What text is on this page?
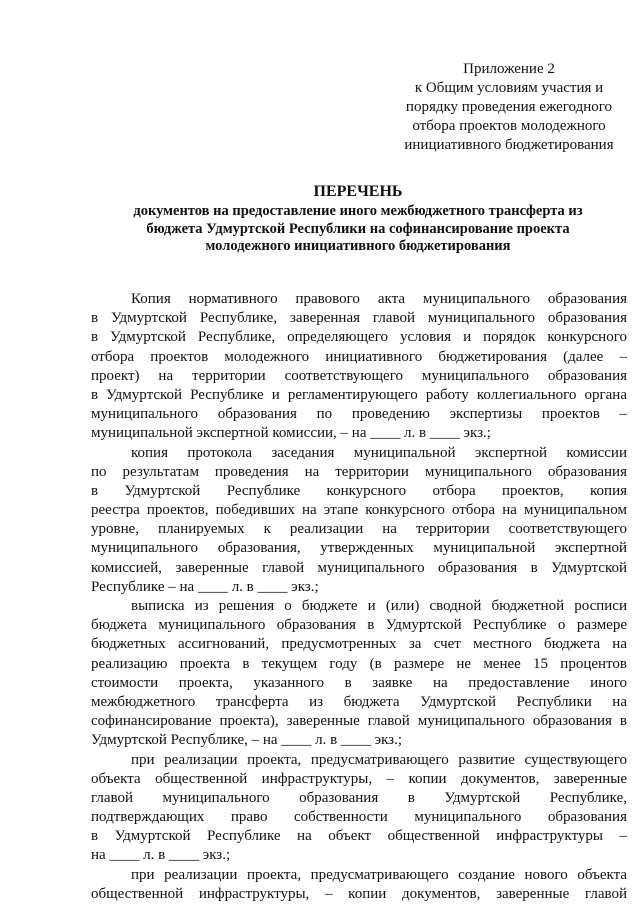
Приложение 2
к Общим условиям участия и
порядку проведения ежегодного
отбора проектов молодежного
инициативного бюджетирования
ПЕРЕЧЕНЬ
документов на предоставление иного межбюджетного трансферта из
бюджета Удмуртской Республики на софинансирование проекта
молодежного инициативного бюджетирования
Копия нормативного правового акта муниципального образования
в Удмуртской Республике, заверенная главой муниципального образования
в Удмуртской Республике, определяющего условия и порядок конкурсного
отбора проектов молодежного инициативного бюджетирования (далее –
проект) на территории соответствующего муниципального образования
в Удмуртской Республике и регламентирующего работу коллегиального органа
муниципального образования по проведению экспертизы проектов –
муниципальной экспертной комиссии, – на ____ л. в ____ экз.;
копия протокола заседания муниципальной экспертной комиссии
по результатам проведения на территории муниципального образования
в Удмуртской Республике конкурсного отбора проектов, копия
реестра проектов, победивших на этапе конкурсного отбора на муниципальном
уровне, планируемых к реализации на территории соответствующего
муниципального образования, утвержденных муниципальной экспертной
комиссией, заверенные главой муниципального образования в Удмуртской
Республике – на ____ л. в ____ экз.;
выписка из решения о бюджете и (или) сводной бюджетной росписи
бюджета муниципального образования в Удмуртской Республике о размере
бюджетных ассигнований, предусмотренных за счет местного бюджета на
реализацию проекта в текущем году (в размере не менее 15 процентов
стоимости проекта, указанного в заявке на предоставление иного
межбюджетного трансферта из бюджета Удмуртской Республики на
софинансирование проекта), заверенные главой муниципального образования в
Удмуртской Республике, – на ____ л. в ____ экз.;
при реализации проекта, предусматривающего развитие существующего
объекта общественной инфраструктуры, – копии документов, заверенные
главой муниципального образования в Удмуртской Республике,
подтверждающих право собственности муниципального образования
в Удмуртской Республике на объект общественной инфраструктуры –
на ____ л. в ____ экз.;
при реализации проекта, предусматривающего создание нового объекта
общественной инфраструктуры, – копии документов, заверенные главой
